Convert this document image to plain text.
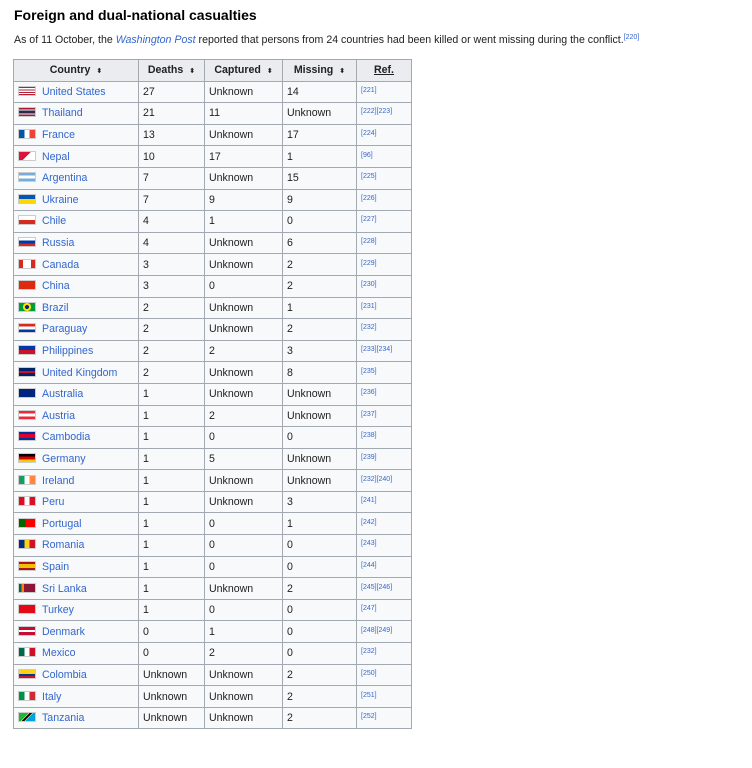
Foreign and dual-national casualties
As of 11 October, the Washington Post reported that persons from 24 countries had been killed or went missing during the conflict.[220]
Country ⬍	Deaths ⬍	Captured ⬍	Missing ⬍	Ref.
United States	27	Unknown	14	[221]
Thailand	21	11	Unknown	[222][223]
France	13	Unknown	17	[224]
Nepal	10	17	1	[96]
Argentina	7	Unknown	15	[225]
Ukraine	7	9	9	[226]
Chile	4	1	0	[227]
Russia	4	Unknown	6	[228]
Canada	3	Unknown	2	[229]
China	3	0	2	[230]
Brazil	2	Unknown	1	[231]
Paraguay	2	Unknown	2	[232]
Philippines	2	2	3	[233][234]
United Kingdom	2	Unknown	8	[235]
Australia	1	Unknown	Unknown	[236]
Austria	1	2	Unknown	[237]
Cambodia	1	0	0	[238]
Germany	1	5	Unknown	[239]
Ireland	1	Unknown	Unknown	[232][240]
Peru	1	Unknown	3	[241]
Portugal	1	0	1	[242]
Romania	1	0	0	[243]
Spain	1	0	0	[244]
Sri Lanka	1	Unknown	2	[245][246]
Turkey	1	0	0	[247]
Denmark	0	1	0	[248][249]
Mexico	0	2	0	[232]
Colombia	Unknown	Unknown	2	[250]
Italy	Unknown	Unknown	2	[251]
Tanzania	Unknown	Unknown	2	[252]
